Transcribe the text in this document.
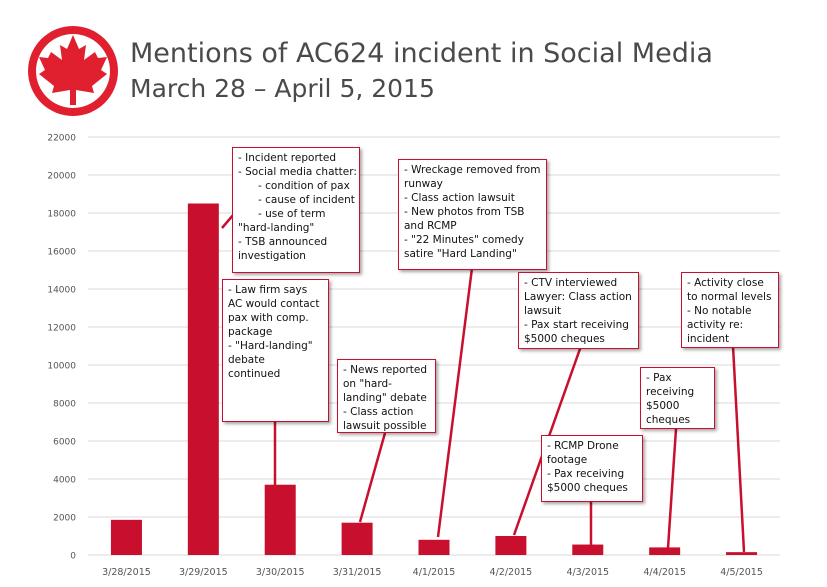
0
2000
4000
6000
8000
10000
12000
14000
16000
18000
20000
22000
3/28/2015	3/29/2015	3/30/2015	3/31/2015	4/1/2015	4/2/2015	4/3/2015	4/4/2015	4/5/2015
Mentions of AC624 incident in Social Media
March 28 – April 5, 2015
- Incident reported
- Social media chatter:
- condition of pax
- cause of incident
- use of term
"hard-landing"
- TSB announced
investigation
- Law firm says
AC would contact
pax with comp.
package
- "Hard-landing"
debate
continued	- News reported
on "hard-
landing" debate
- Class action
lawsuit possible
- Wreckage removed from
runway
- Class action lawsuit
- New photos from TSB
and RCMP
- "22 Minutes" comedy
satire "Hard Landing"
- CTV interviewed
Lawyer: Class action
lawsuit
- Pax start receiving
$5000 cheques
- RCMP Drone
footage
- Pax receiving
$5000 cheques
- Pax
receiving
$5000
cheques
- Activity close
to normal levels
- No notable
activity re:
incident
